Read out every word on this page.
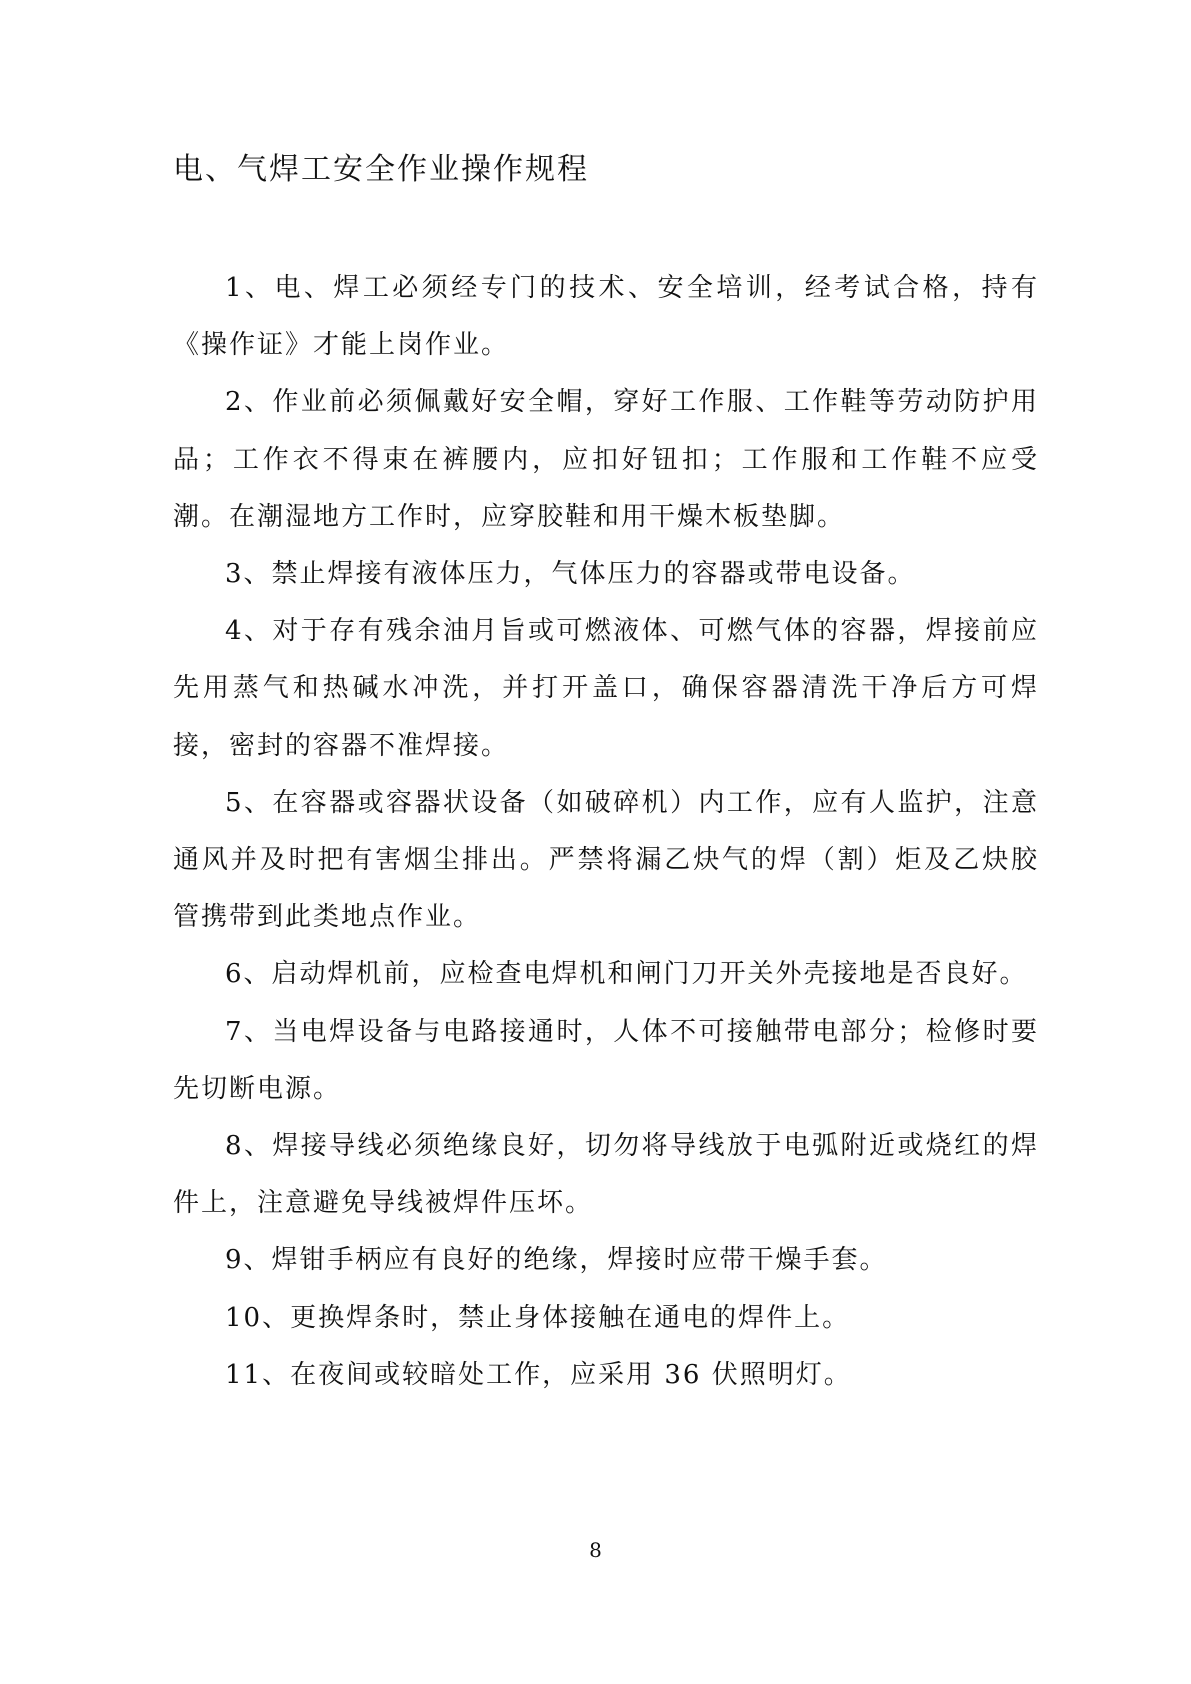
电、气焊工安全作业操作规程

1、电、焊工必须经专门的技术、安全培训，经考试合格，持有《操作证》才能上岗作业。

2、作业前必须佩戴好安全帽，穿好工作服、工作鞋等劳动防护用品；工作衣不得束在裤腰内，应扣好钮扣；工作服和工作鞋不应受潮。在潮湿地方工作时，应穿胶鞋和用干燥木板垫脚。

3、禁止焊接有液体压力，气体压力的容器或带电设备。

4、对于存有残余油月旨或可燃液体、可燃气体的容器，焊接前应先用蒸气和热碱水冲洗，并打开盖口，确保容器清洗干净后方可焊接，密封的容器不准焊接。

5、在容器或容器状设备（如破碎机）内工作，应有人监护，注意通风并及时把有害烟尘排出。严禁将漏乙炔气的焊（割）炬及乙炔胶管携带到此类地点作业。

6、启动焊机前，应检查电焊机和闸门刀开关外壳接地是否良好。

7、当电焊设备与电路接通时，人体不可接触带电部分；检修时要先切断电源。

8、焊接导线必须绝缘良好，切勿将导线放于电弧附近或烧红的焊件上，注意避免导线被焊件压坏。

9、焊钳手柄应有良好的绝缘，焊接时应带干燥手套。

10、更换焊条时，禁止身体接触在通电的焊件上。

11、在夜间或较暗处工作，应采用 36 伏照明灯。

8
